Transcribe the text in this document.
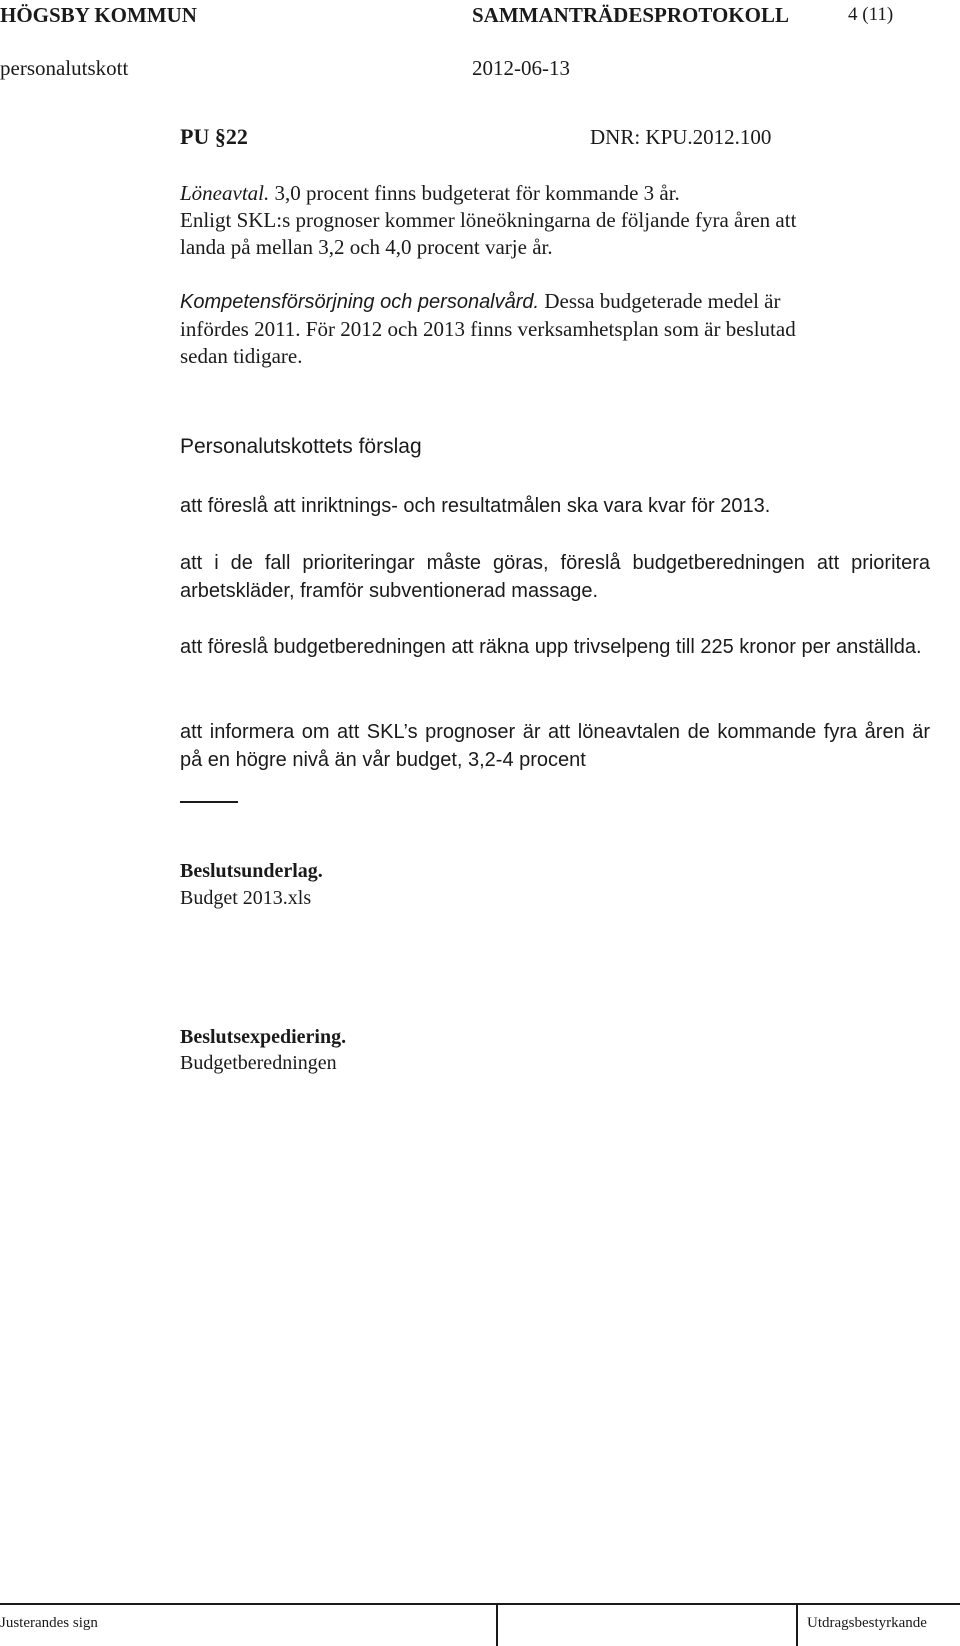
HÖGSBY KOMMUN	SAMMANTRÄDESPROTOKOLL	4 (11)
personalutskott	2012-06-13
PU §22	DNR: KPU.2012.100
Löneavtal. 3,0 procent finns budgeterat för kommande 3 år.
Enligt SKL:s prognoser kommer löneökningarna de följande fyra åren att
landa på mellan 3,2 och 4,0 procent varje år.
Kompetensförsörjning och personalvård. Dessa budgeterade medel är
infördes 2011. För 2012 och 2013 finns verksamhetsplan som är beslutad
sedan tidigare.
Personalutskottets förslag
att föreslå att inriktnings- och resultatmålen ska vara kvar för 2013.
att i de fall prioriteringar måste göras, föreslå budgetberedningen att prioritera arbetskläder, framför subventionerad massage.
att föreslå budgetberedningen att räkna upp trivselpeng till 225 kronor per anställda.
att informera om att SKL’s prognoser är att löneavtalen de kommande fyra åren är på en högre nivå än vår budget, 3,2-4 procent
Beslutsunderlag.
Budget 2013.xls
Beslutsexpediering.
Budgetberedningen
Justerandes sign	Utdragsbestyrkande
